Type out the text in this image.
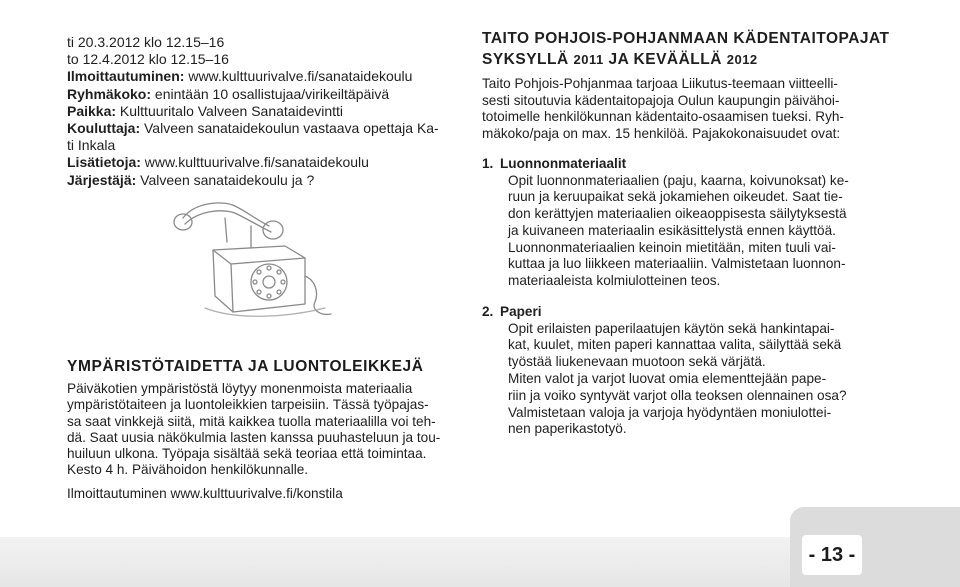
ti 20.3.2012 klo 12.15–16
to 12.4.2012 klo 12.15–16
Ilmoittautuminen: www.kulttuurivalve.fi/sanataidekoulu
Ryhmäkoko: enintään 10 osallistujaa/virikeiltäpäivä
Paikka: Kulttuuritalo Valveen Sanataidevintti
Kouluttaja: Valveen sanataidekoulun vastaava opettaja Ka-
ti Inkala
Lisätietoja: www.kulttuurivalve.fi/sanataidekoulu
Järjestäjä: Valveen sanataidekoulu ja ?
YMPÄRISTÖTAIDETTA JA LUONTOLEIKKEJÄ
Päiväkotien ympäristöstä löytyy monenmoista materiaalia
ympäristötaiteen ja luontoleikkien tarpeisiin. Tässä työpajas-
sa saat vinkkejä siitä, mitä kaikkea tuolla materiaalilla voi teh-
dä. Saat uusia näkökulmia lasten kanssa puuhasteluun ja tou-
huiluun ulkona. Työpaja sisältää sekä teoriaa että toimintaa.
Kesto 4 h. Päivähoidon henkilökunnalle.
Ilmoittautuminen www.kulttuurivalve.fi/konstila
TAITO POHJOIS-POHJANMAAN KÄDENTAITOPAJAT
SYKSYLLÄ 2011 JA KEVÄÄLLÄ 2012
Taito Pohjois-Pohjanmaa tarjoaa Liikutus-teemaan viitteelli-
sesti sitoutuvia kädentaitopajoja Oulun kaupungin päivähoi-
totoimelle henkilökunnan kädentaito-osaamisen tueksi. Ryh-
mäkoko/paja on max. 15 henkilöä. Pajakokonaisuudet ovat:
1. Luonnonmateriaalit
Opit luonnonmateriaalien (paju, kaarna, koivunoksat) ke-
ruun ja keruupaikat sekä jokamiehen oikeudet. Saat tie-
don kerättyjen materiaalien oikeaoppisesta säilytyksestä
ja kuivaneen materiaalin esikäsittelystä ennen käyttöä.
Luonnonmateriaalien keinoin mietitään, miten tuuli vai-
kuttaa ja luo liikkeen materiaaliin. Valmistetaan luonnon-
materiaaleista kolmiulotteinen teos.
2. Paperi
Opit erilaisten paperilaatujen käytön sekä hankintapai-
kat, kuulet, miten paperi kannattaa valita, säilyttää sekä
työstää liukenevaan muotoon sekä värjätä.
Miten valot ja varjot luovat omia elementtejään pape-
riin ja voiko syntyvät varjot olla teoksen olennainen osa?
Valmistetaan valoja ja varjoja hyödyntäen moniulottei-
nen paperikastotyö.
- 13 -
